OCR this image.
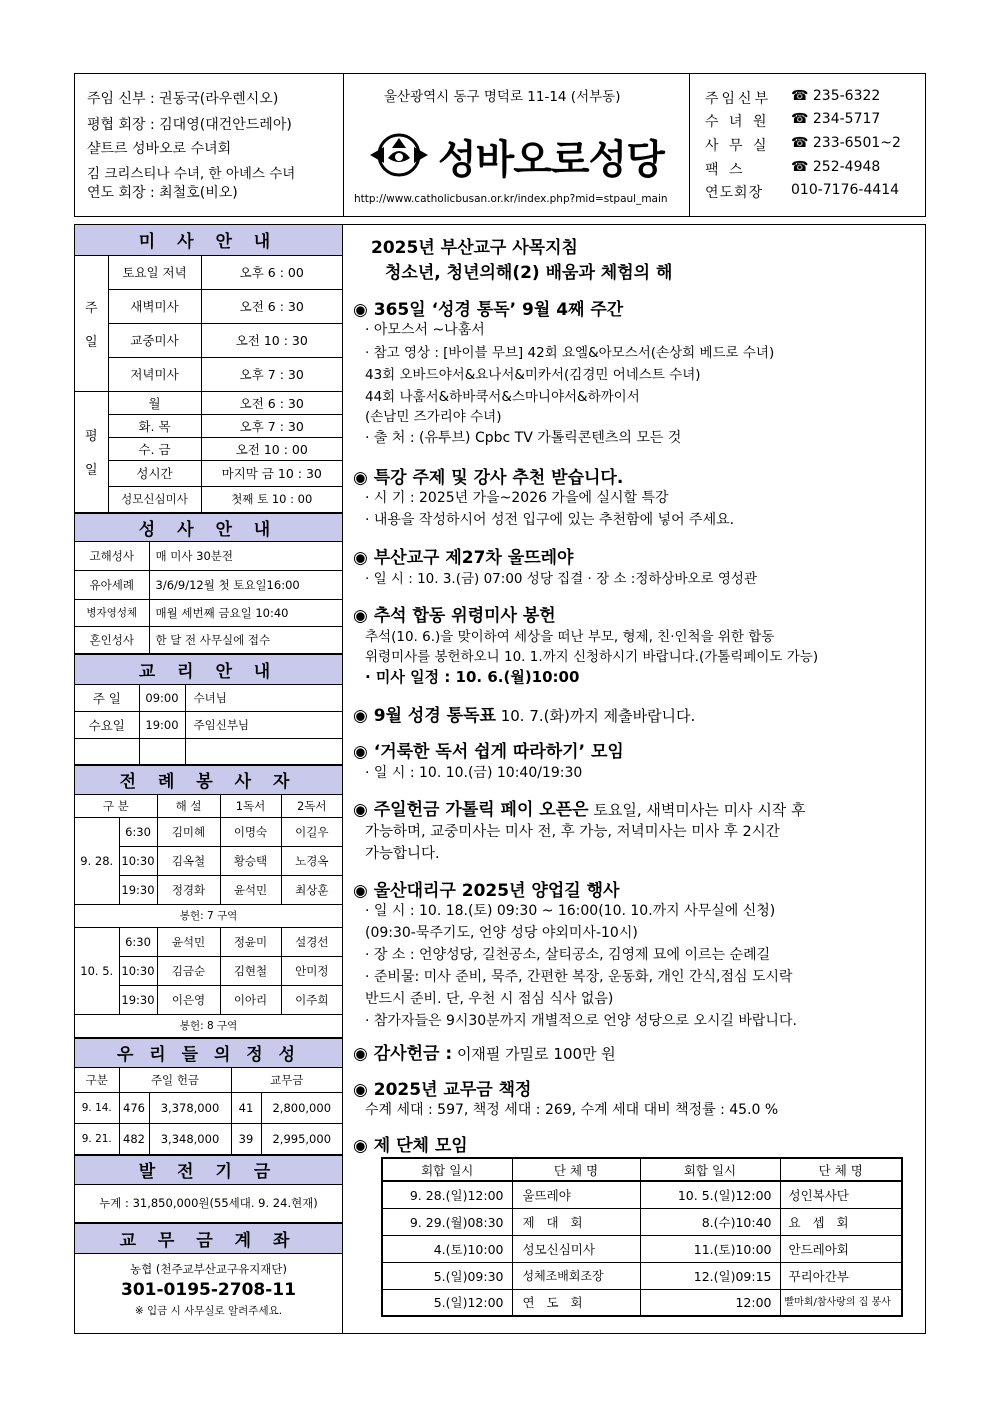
주임 신부 : 권동국(라우렌시오)
평협 회장 : 김대영(대건안드레아)
샬트르 성바오로 수녀회
김 크리스티나 수녀, 한 아녜스 수녀
연도 회장 : 최철호(비오)
울산광역시 동구 명덕로 11-14 (서부동)
성바오로성당
http://www.catholicbusan.or.kr/index.php?mid=stpaul_main
주임신부 ☎ 235-6322
수 녀 원 ☎ 234-5717
사 무 실 ☎ 233-6501~2
팩 스	☎ 252-4948
연도회장 010-7176-4414
미 사 안 내		
주

일	토요일 저녁	오후 6 : 00
	새벽미사	오전 6 : 30
	교중미사	오전 10 : 30
	저녁미사	오후 7 : 30
평

일	월	오전 6 : 30
	화. 목	오후 7 : 30
	수. 금	오전 10 : 00
	성시간	마지막 금 10 : 30
	성모신심미사	첫째 토 10 : 00
성 사 안 내	
고해성사	매 미사 30분전
유아세례	3/6/9/12월 첫 토요일16:00
병자영성체	매월 세번째 금요일 10:40
혼인성사	한 달 전 사무실에 접수
교 리 안 내		
주 일	09:00	수녀님
수요일	19:00	주임신부님

전 례 봉 사 자				
구 분		해 설	1독서	2독서
9. 28.	6:30	김미혜	이명숙	이길우
	10:30	김옥철	황승택	노경옥
	19:30	정경화	윤석민	최상훈
봉헌: 7 구역				
10. 5.	6:30	윤석민	정윤미	설경선
	10:30	김금순	김현철	안미정
	19:30	이은영	이아리	이주희
봉헌: 8 구역				
우 리 들 의 정 성				
구분	주일 헌금		교무금	
9. 14.	476	3,378,000	41	2,800,000
9. 21.	482	3,348,000	39	2,995,000
발 전 기 금
누계 : 31,850,000원(55세대. 9. 24.현재)
교 무 금 계 좌

농협 (천주교부산교구유지재단)
301-0195-2708-11
※ 입금 시 사무실로 알려주세요.
2025년 부산교구 사목지침
청소년, 청년의해(2) 배움과 체험의 해
◉ 365일 ‘성경 통독’ 9월 4째 주간
· 아모스서 ~나훔서
· 참고 영상 : [바이블 무브] 42회 요엘&아모스서(손상희 베드로 수녀)
43회 오바드야서&요나서&미카서(김경민 어네스트 수녀)
44회 나훔서&하바쿡서&스마니야서&하까이서
(손남민 즈가리야 수녀)
· 출 처 : (유투브) Cpbc TV 가톨릭콘텐츠의 모든 것
◉ 특강 주제 및 강사 추천 받습니다.
· 시 기 : 2025년 가을~2026 가을에 실시할 특강
· 내용을 작성하시어 성전 입구에 있는 추천함에 넣어 주세요.
◉ 부산교구 제27차 울뜨레야
· 일 시 : 10. 3.(금) 07:00 성당 집결 · 장 소 :정하상바오로 영성관
◉ 추석 합동 위령미사 봉헌
추석(10. 6.)을 맞이하여 세상을 떠난 부모, 형제, 친·인척을 위한 합동
위령미사를 봉헌하오니 10. 1.까지 신청하시기 바랍니다.(가톨릭페이도 가능)
· 미사 일정 : 10. 6.(월)10:00
◉ 9월 성경 통독표 10. 7.(화)까지 제출바랍니다.
◉ ‘거룩한 독서 쉽게 따라하기’ 모임
· 일 시 : 10. 10.(금) 10:40/19:30
◉ 주일헌금 가톨릭 페이 오픈은 토요일, 새벽미사는 미사 시작 후
가능하며, 교중미사는 미사 전, 후 가능, 저녁미사는 미사 후 2시간
가능합니다.
◉ 울산대리구 2025년 양업길 행사
· 일 시 : 10. 18.(토) 09:30 ~ 16:00(10. 10.까지 사무실에 신청)
(09:30-묵주기도, 언양 성당 야외미사-10시)
· 장 소 : 언양성당, 길천공소, 살티공소, 김영제 묘에 이르는 순례길
· 준비물: 미사 준비, 묵주, 간편한 복장, 운동화, 개인 간식,점심 도시락
반드시 준비. 단, 우천 시 점심 식사 없음)
· 참가자들은 9시30분까지 개별적으로 언양 성당으로 오시길 바랍니다.
◉ 감사헌금 : 이재필 가밀로 100만 원
◉ 2025년 교무금 책정
수계 세대 : 597, 책정 세대 : 269, 수계 세대 대비 책정률 : 45.0 %
◉ 제 단체 모임
회합 일시	단 체 명	회합 일시	단 체 명
9. 28.(일)12:00	울뜨레야	10. 5.(일)12:00	성인복사단
9. 29.(월)08:30	제   대   회	8.(수)10:40	요   셉   회
4.(토)10:00	성모신심미사	11.(토)10:00	안드레아회
5.(일)09:30	성체조배회조장	12.(일)09:15	꾸리아간부
5.(일)12:00	연   도   회	12:00	빨마회/참사랑의 집 봉사
